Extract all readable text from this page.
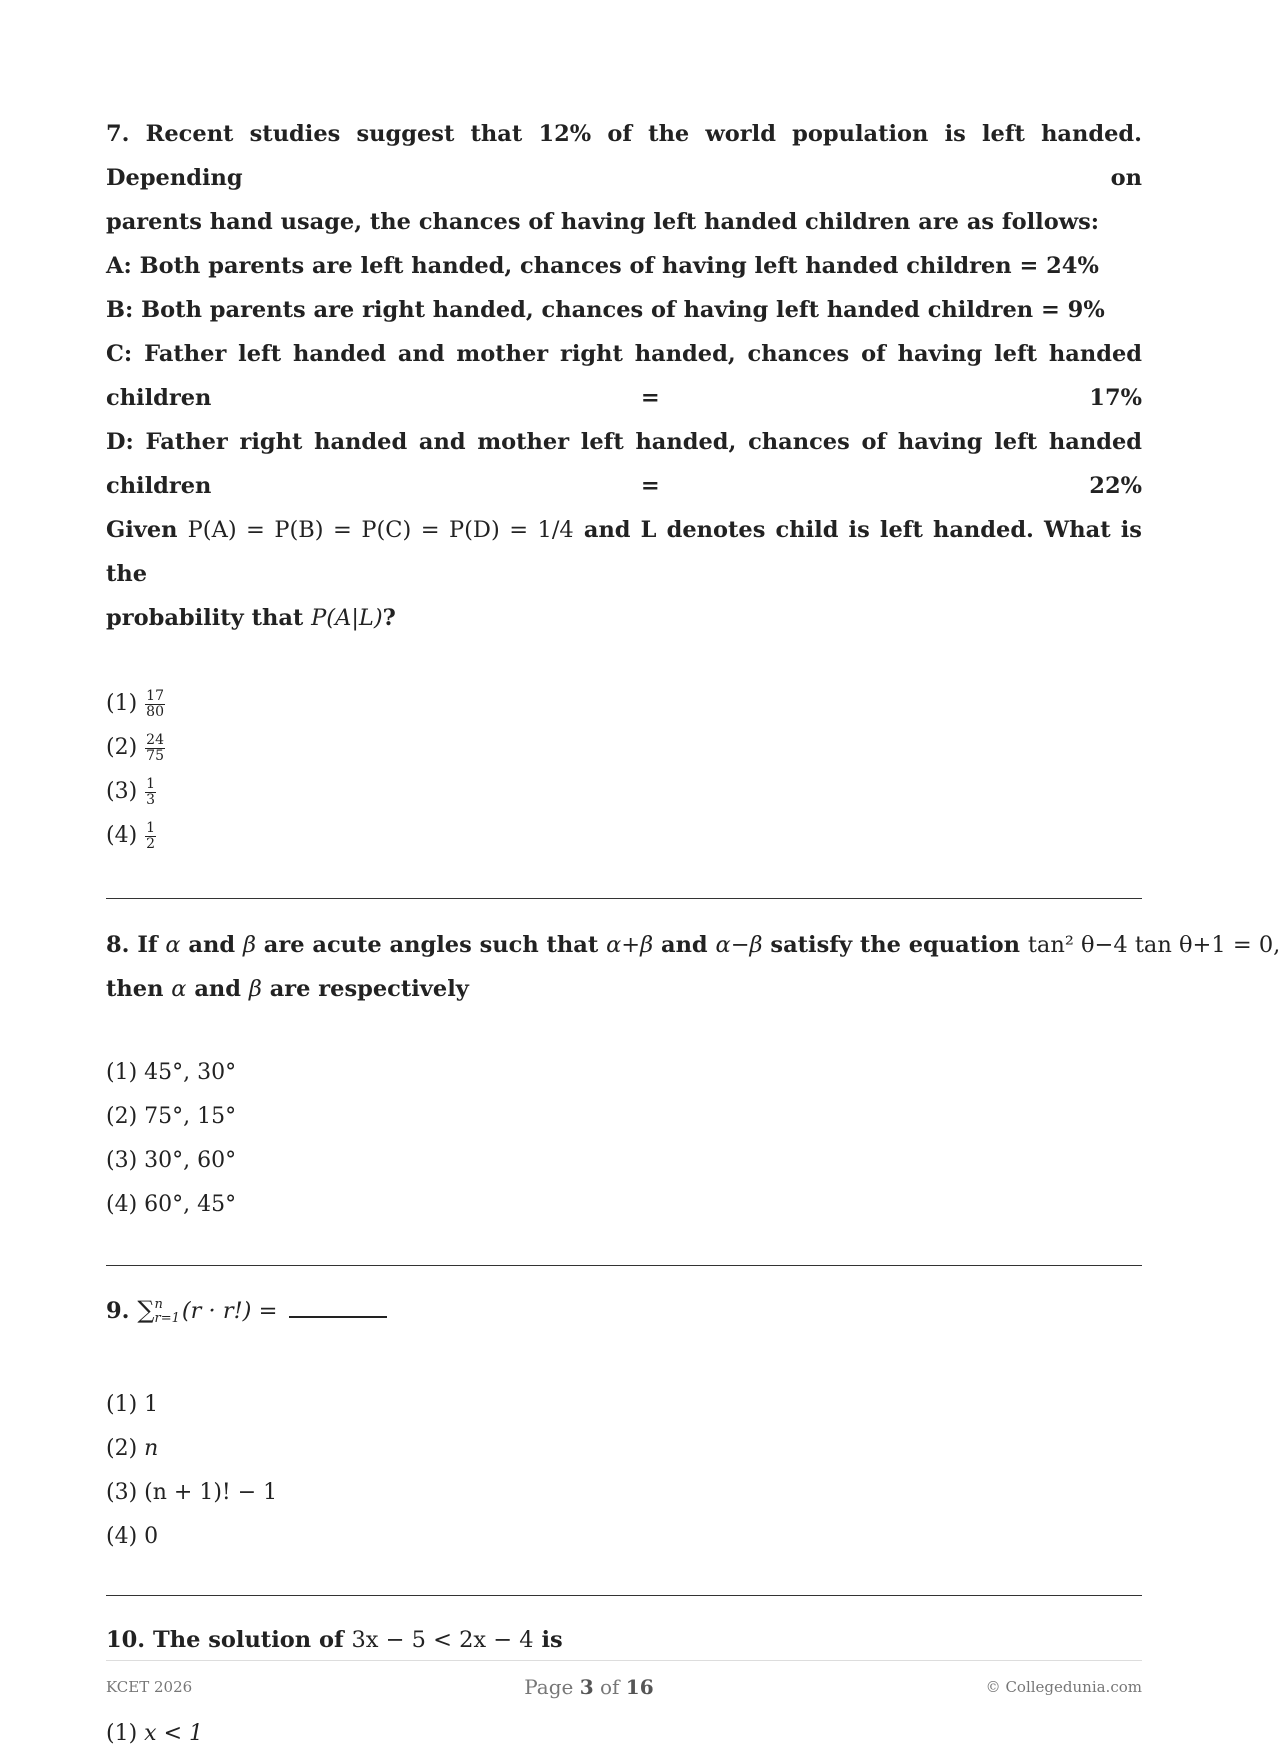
7. Recent studies suggest that 12% of the world population is left handed. Depending on

parents hand usage, the chances of having left handed children are as follows:

A: Both parents are left handed, chances of having left handed children = 24%

B: Both parents are right handed, chances of having left handed children = 9%

C: Father left handed and mother right handed, chances of having left handed children = 17%

D: Father right handed and mother left handed, chances of having left handed children = 22%

Given P(A) = P(B) = P(C) = P(D) = 1/4 and L denotes child is left handed. What is the

probability that P(A|L)?

$(1) \frac{17}{80}$
$(2) \frac{24}{75}$
$(3) \frac{1}{3}$
$(4) \frac{1}{2}$

8. If α and β are acute angles such that α+β and α−β satisfy the equation tan² θ−4 tan θ+1 = 0,

then α and β are respectively

(1)
45°, 30°
(2)
75°, 15°
(3)
30°, 60°
(4)
60°, 45°

9. ∑ n
r=1 (r · r!) =

(1)
1
(2)
n
(3)
(n + 1)! − 1
(4)
0

10. The solution of 3x − 5 < 2x − 4 is

(1)
x < 1
KCET 2026	Page 3 of 16	© Collegedunia.com
